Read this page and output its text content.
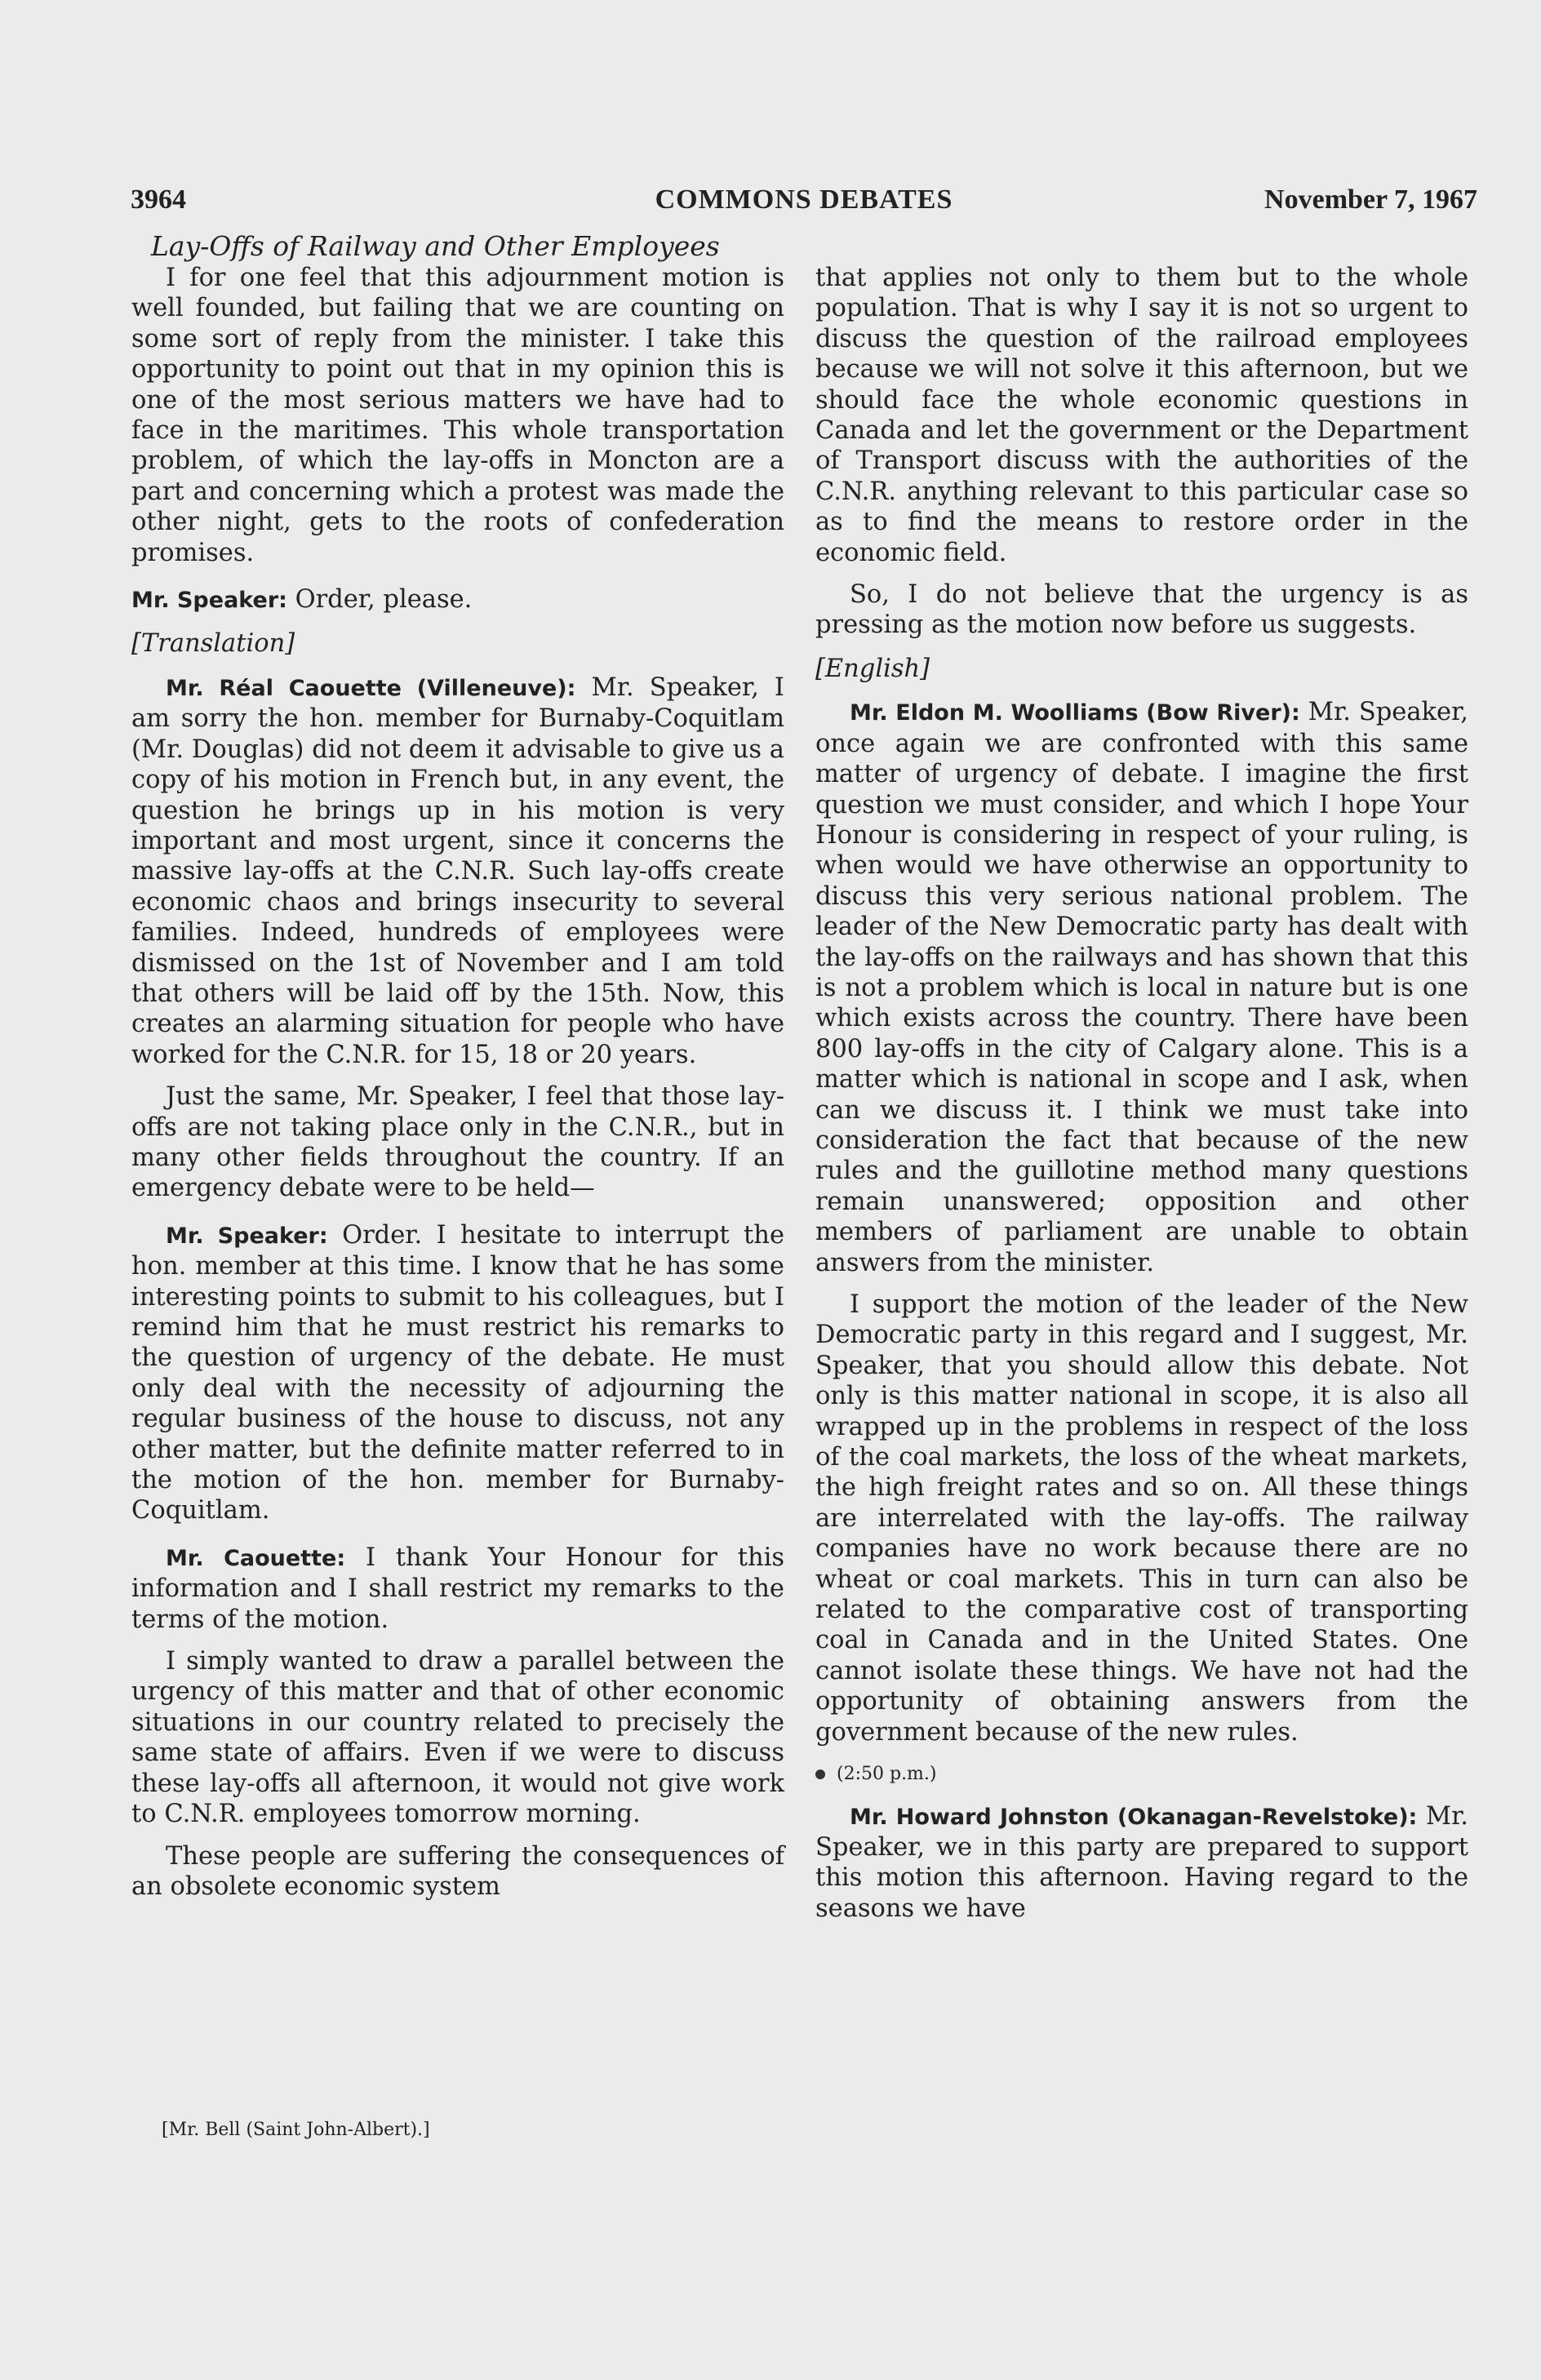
3964	COMMONS DEBATES	November 7, 1967
Lay-Offs of Railway and Other Employees

I for one feel that this adjournment motion is well founded, but failing that we are counting on some sort of reply from the minister. I take this opportunity to point out that in my opinion this is one of the most serious matters we have had to face in the maritimes. This whole transportation problem, of which the lay-offs in Moncton are a part and concerning which a protest was made the other night, gets to the roots of confederation promises.

Mr. Speaker: Order, please.

[Translation]

Mr. Réal Caouette (Villeneuve): Mr. Speaker, I am sorry the hon. member for Burnaby-Coquitlam (Mr. Douglas) did not deem it advisable to give us a copy of his motion in French but, in any event, the question he brings up in his motion is very important and most urgent, since it concerns the massive lay-offs at the C.N.R. Such lay-offs create economic chaos and brings insecurity to several families. Indeed, hundreds of employees were dismissed on the 1st of November and I am told that others will be laid off by the 15th. Now, this creates an alarming situation for people who have worked for the C.N.R. for 15, 18 or 20 years.

Just the same, Mr. Speaker, I feel that those lay-offs are not taking place only in the C.N.R., but in many other fields throughout the country. If an emergency debate were to be held—

Mr. Speaker: Order. I hesitate to interrupt the hon. member at this time. I know that he has some interesting points to submit to his colleagues, but I remind him that he must restrict his remarks to the question of urgency of the debate. He must only deal with the necessity of adjourning the regular business of the house to discuss, not any other matter, but the definite matter referred to in the motion of the hon. member for Burnaby-Coquitlam.

Mr. Caouette: I thank Your Honour for this information and I shall restrict my remarks to the terms of the motion.

I simply wanted to draw a parallel between the urgency of this matter and that of other economic situations in our country related to precisely the same state of affairs. Even if we were to discuss these lay-offs all afternoon, it would not give work to C.N.R. employees tomorrow morning.

These people are suffering the consequences of an obsolete economic system

that applies not only to them but to the whole population. That is why I say it is not so urgent to discuss the question of the railroad employees because we will not solve it this afternoon, but we should face the whole economic questions in Canada and let the government or the Department of Transport discuss with the authorities of the C.N.R. anything relevant to this particular case so as to find the means to restore order in the economic field.

So, I do not believe that the urgency is as pressing as the motion now before us suggests.

[English]

Mr. Eldon M. Woolliams (Bow River): Mr. Speaker, once again we are confronted with this same matter of urgency of debate. I imagine the first question we must consider, and which I hope Your Honour is considering in respect of your ruling, is when would we have otherwise an opportunity to discuss this very serious national problem. The leader of the New Democratic party has dealt with the lay-offs on the railways and has shown that this is not a problem which is local in nature but is one which exists across the country. There have been 800 lay-offs in the city of Calgary alone. This is a matter which is national in scope and I ask, when can we discuss it. I think we must take into consideration the fact that because of the new rules and the guillotine method many questions remain unanswered; opposition and other members of parliament are unable to obtain answers from the minister.

I support the motion of the leader of the New Democratic party in this regard and I suggest, Mr. Speaker, that you should allow this debate. Not only is this matter national in scope, it is also all wrapped up in the problems in respect of the loss of the coal markets, the loss of the wheat markets, the high freight rates and so on. All these things are interrelated with the lay-offs. The railway companies have no work because there are no wheat or coal markets. This in turn can also be related to the comparative cost of transporting coal in Canada and in the United States. One cannot isolate these things. We have not had the opportunity of obtaining answers from the government because of the new rules.

(2:50 p.m.)

Mr. Howard Johnston (Okanagan-Revelstoke): Mr. Speaker, we in this party are prepared to support this motion this afternoon. Having regard to the seasons we have

[Mr. Bell (Saint John-Albert).]
